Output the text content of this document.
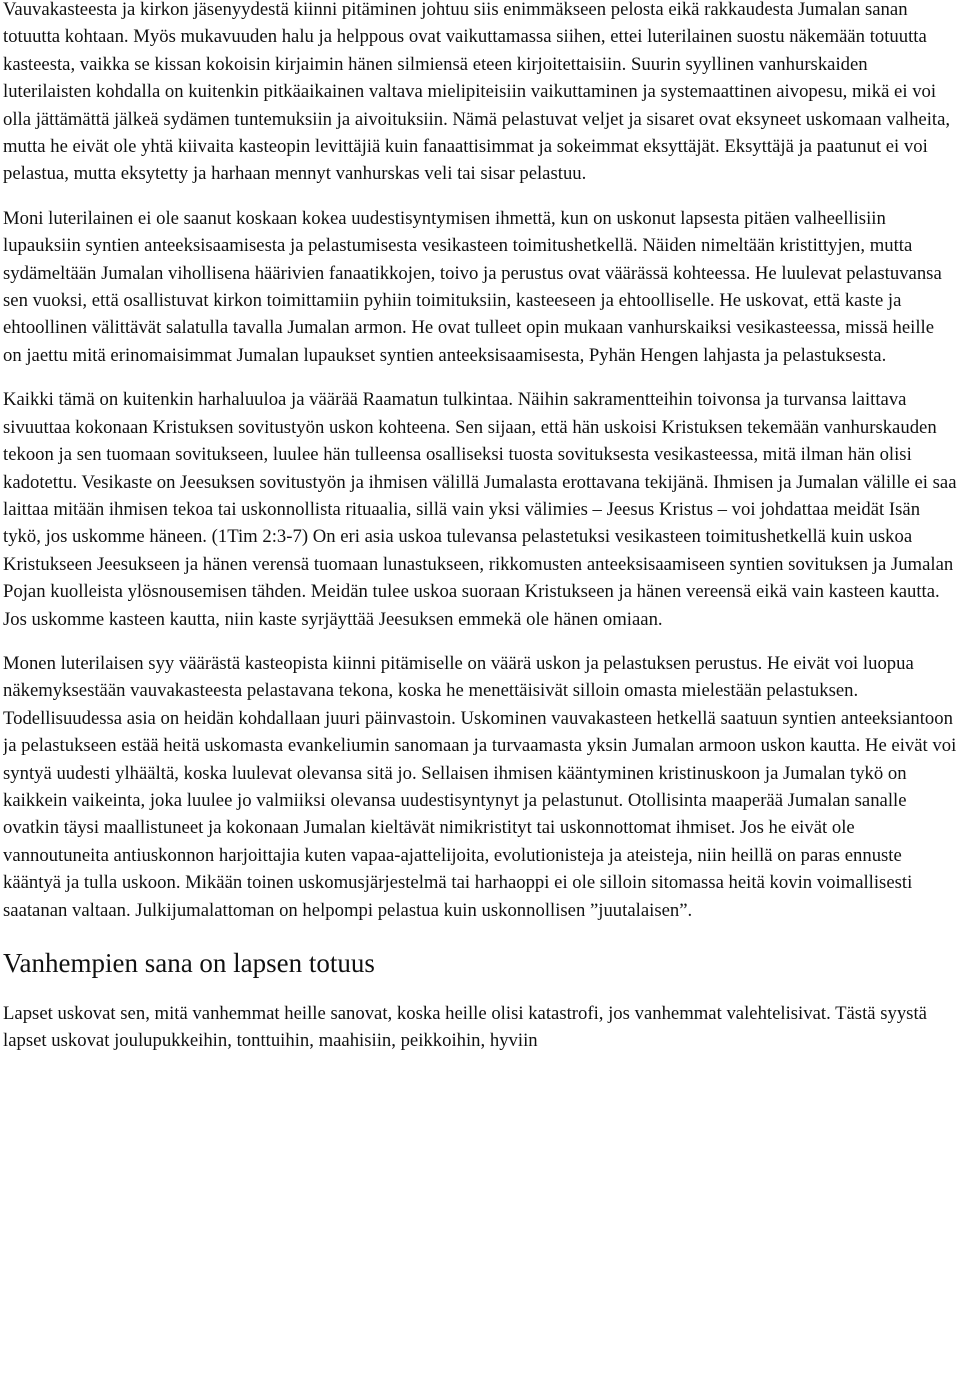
Vauvakasteesta ja kirkon jäsenyydestä kiinni pitäminen johtuu siis enimmäkseen pelosta eikä rakkaudesta Jumalan sanan totuutta kohtaan. Myös mukavuuden halu ja helppous ovat vaikuttamassa siihen, ettei luterilainen suostu näkemään totuutta kasteesta, vaikka se kissan kokoisin kirjaimin hänen silmiensä eteen kirjoitettaisiin. Suurin syyllinen vanhurskaiden luterilaisten kohdalla on kuitenkin pitkäaikainen valtava mielipiteisiin vaikuttaminen ja systemaattinen aivopesu, mikä ei voi olla jättämättä jälkeä sydämen tuntemuksiin ja aivoituksiin. Nämä pelastuvat veljet ja sisaret ovat eksyneet uskomaan valheita, mutta he eivät ole yhtä kiivaita kasteopin levittäjiä kuin fanaattisimmat ja sokeimmat eksyttäjät. Eksyttäjä ja paatunut ei voi pelastua, mutta eksytetty ja harhaan mennyt vanhurskas veli tai sisar pelastuu.

Moni luterilainen ei ole saanut koskaan kokea uudestisyntymisen ihmettä, kun on uskonut lapsesta pitäen valheellisiin lupauksiin syntien anteeksisaamisesta ja pelastumisesta vesikasteen toimitushetkellä. Näiden nimeltään kristittyjen, mutta sydämeltään Jumalan vihollisena häärivien fanaatikkojen, toivo ja perustus ovat väärässä kohteessa. He luulevat pelastuvansa sen vuoksi, että osallistuvat kirkon toimittamiin pyhiin toimituksiin, kasteeseen ja ehtoolliselle. He uskovat, että kaste ja ehtoollinen välittävät salatulla tavalla Jumalan armon. He ovat tulleet opin mukaan vanhurskaiksi vesikasteessa, missä heille on jaettu mitä erinomaisimmat Jumalan lupaukset syntien anteeksisaamisesta, Pyhän Hengen lahjasta ja pelastuksesta.

Kaikki tämä on kuitenkin harhaluuloa ja väärää Raamatun tulkintaa. Näihin sakramentteihin toivonsa ja turvansa laittava sivuuttaa kokonaan Kristuksen sovitustyön uskon kohteena. Sen sijaan, että hän uskoisi Kristuksen tekemään vanhurskauden tekoon ja sen tuomaan sovitukseen, luulee hän tulleensa osalliseksi tuosta sovituksesta vesikasteessa, mitä ilman hän olisi kadotettu. Vesikaste on Jeesuksen sovitustyön ja ihmisen välillä Jumalasta erottavana tekijänä. Ihmisen ja Jumalan välille ei saa laittaa mitään ihmisen tekoa tai uskonnollista rituaalia, sillä vain yksi välimies – Jeesus Kristus – voi johdattaa meidät Isän tykö, jos uskomme häneen. (1Tim 2:3-7) On eri asia uskoa tulevansa pelastetuksi vesikasteen toimitushetkellä kuin uskoa Kristukseen Jeesukseen ja hänen verensä tuomaan lunastukseen, rikkomusten anteeksisaamiseen syntien sovituksen ja Jumalan Pojan kuolleista ylösnousemisen tähden. Meidän tulee uskoa suoraan Kristukseen ja hänen vereensä eikä vain kasteen kautta. Jos uskomme kasteen kautta, niin kaste syrjäyttää Jeesuksen emmekä ole hänen omiaan.

Monen luterilaisen syy väärästä kasteopista kiinni pitämiselle on väärä uskon ja pelastuksen perustus. He eivät voi luopua näkemyksestään vauvakasteesta pelastavana tekona, koska he menettäisivät silloin omasta mielestään pelastuksen. Todellisuudessa asia on heidän kohdallaan juuri päinvastoin. Uskominen vauvakasteen hetkellä saatuun syntien anteeksiantoon ja pelastukseen estää heitä uskomasta evankeliumin sanomaan ja turvaamasta yksin Jumalan armoon uskon kautta. He eivät voi syntyä uudesti ylhäältä, koska luulevat olevansa sitä jo. Sellaisen ihmisen kääntyminen kristinuskoon ja Jumalan tykö on kaikkein vaikeinta, joka luulee jo valmiiksi olevansa uudestisyntynyt ja pelastunut. Otollisinta maaperää Jumalan sanalle ovatkin täysi maallistuneet ja kokonaan Jumalan kieltävät nimikristityt tai uskonnottomat ihmiset. Jos he eivät ole vannoutuneita antiuskonnon harjoittajia kuten vapaa-ajattelijoita, evolutionisteja ja ateisteja, niin heillä on paras ennuste kääntyä ja tulla uskoon. Mikään toinen uskomusjärjestelmä tai harhaoppi ei ole silloin sitomassa heitä kovin voimallisesti saatanan valtaan. Julkijumalattoman on helpompi pelastua kuin uskonnollisen ”juutalaisen”.

Vanhempien sana on lapsen totuus

Lapset uskovat sen, mitä vanhemmat heille sanovat, koska heille olisi katastrofi, jos vanhemmat valehtelisivat. Tästä syystä lapset uskovat joulupukkeihin, tonttuihin, maahisiin, peikkoihin, hyviin
